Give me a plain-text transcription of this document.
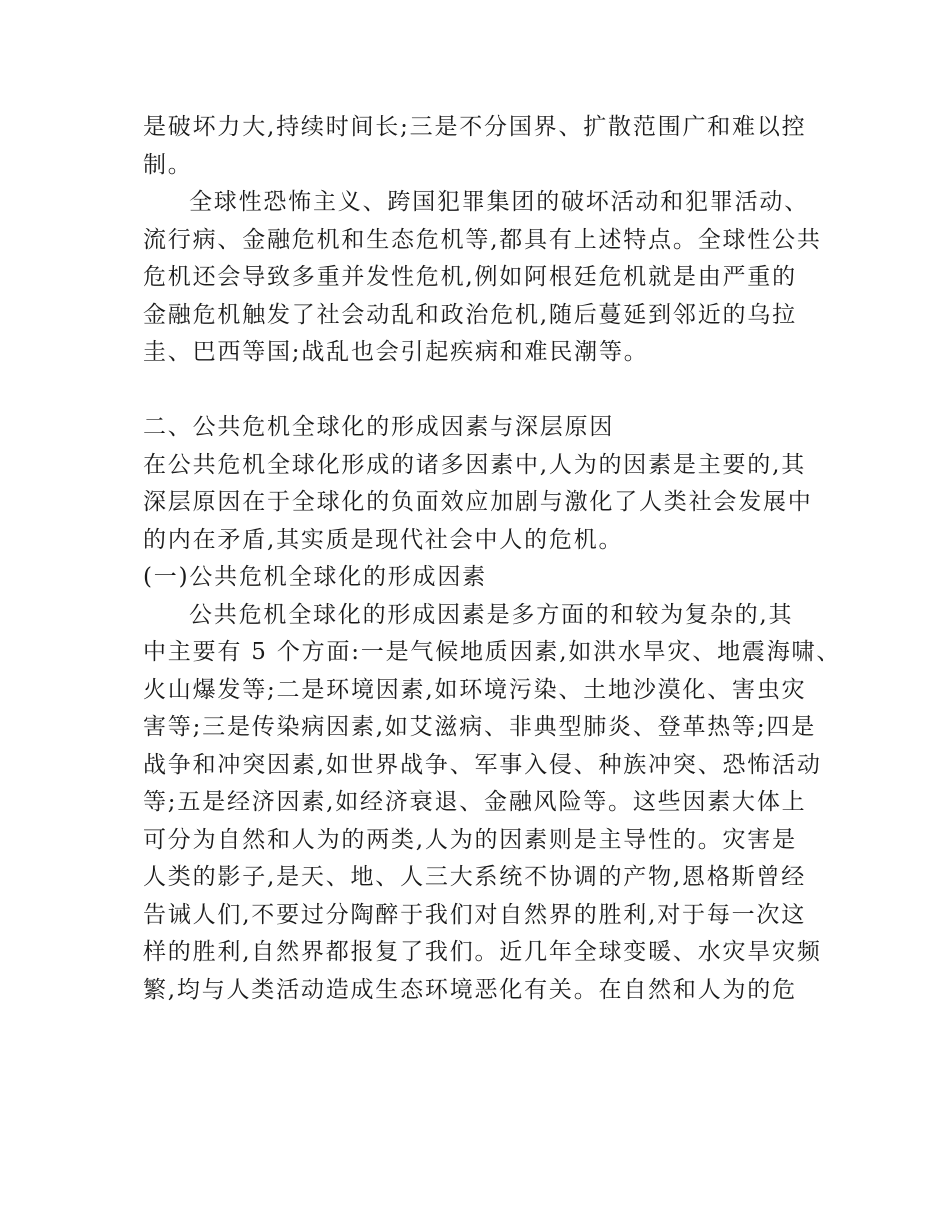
是破坏力大,持续时间长;三是不分国界、扩散范围广和难以控
制。
全球性恐怖主义、跨国犯罪集团的破坏活动和犯罪活动、
流行病、金融危机和生态危机等,都具有上述特点。全球性公共
危机还会导致多重并发性危机,例如阿根廷危机就是由严重的
金融危机触发了社会动乱和政治危机,随后蔓延到邻近的乌拉
圭、巴西等国;战乱也会引起疾病和难民潮等。
二、公共危机全球化的形成因素与深层原因
在公共危机全球化形成的诸多因素中,人为的因素是主要的,其
深层原因在于全球化的负面效应加剧与激化了人类社会发展中
的内在矛盾,其实质是现代社会中人的危机。
(一)公共危机全球化的形成因素
公共危机全球化的形成因素是多方面的和较为复杂的,其
中主要有 5 个方面:一是气候地质因素,如洪水旱灾、地震海啸、
火山爆发等;二是环境因素,如环境污染、土地沙漠化、害虫灾
害等;三是传染病因素,如艾滋病、非典型肺炎、登革热等;四是
战争和冲突因素,如世界战争、军事入侵、种族冲突、恐怖活动
等;五是经济因素,如经济衰退、金融风险等。这些因素大体上
可分为自然和人为的两类,人为的因素则是主导性的。灾害是
人类的影子,是天、地、人三大系统不协调的产物,恩格斯曾经
告诫人们,不要过分陶醉于我们对自然界的胜利,对于每一次这
样的胜利,自然界都报复了我们。近几年全球变暖、水灾旱灾频
繁,均与人类活动造成生态环境恶化有关。在自然和人为的危
